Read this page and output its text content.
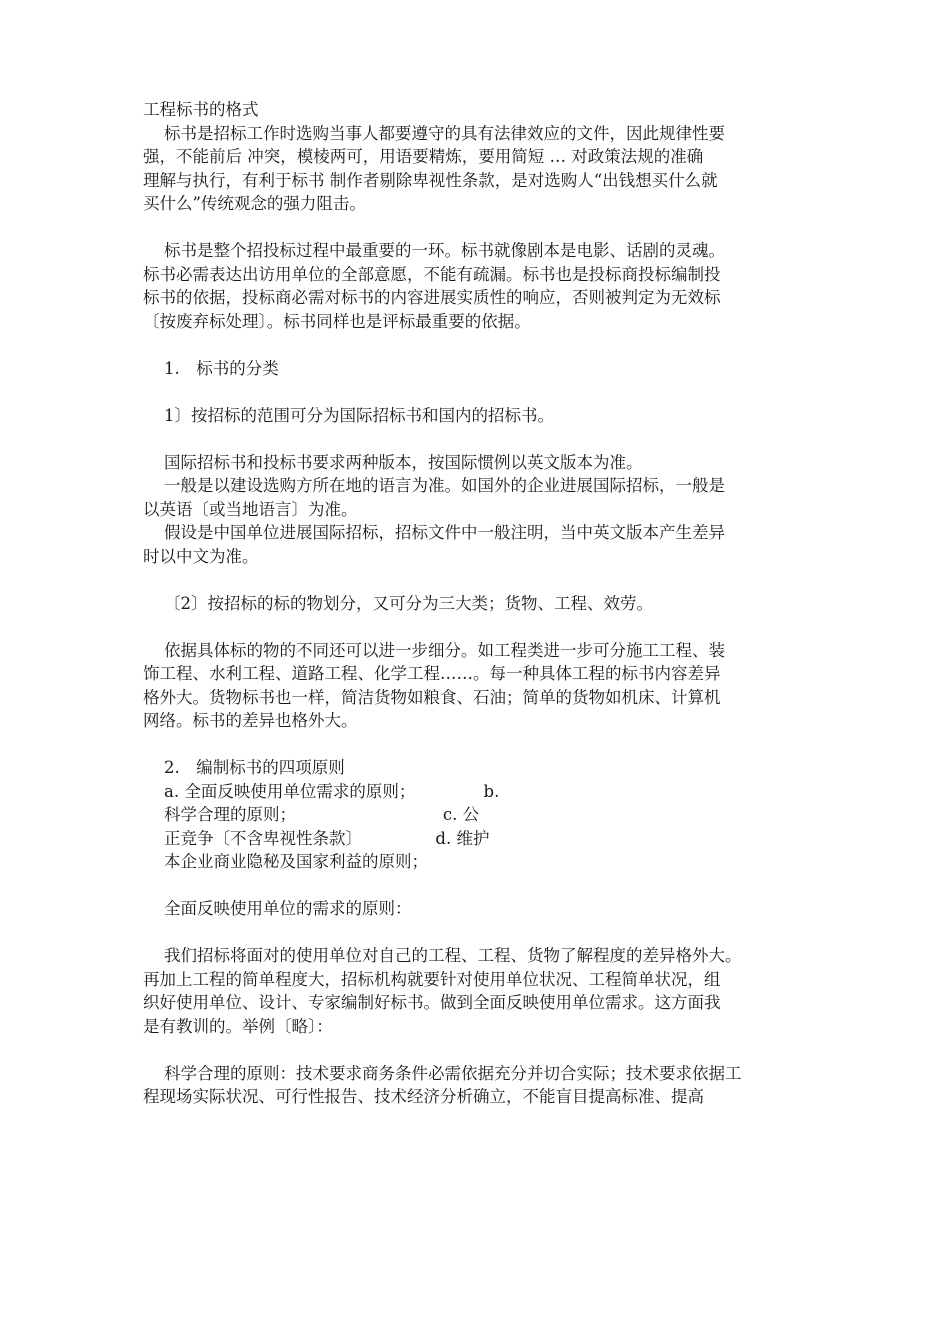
工程标书的格式
标书是招标工作时选购当事人都要遵守的具有法律效应的文件，因此规律性要
强，不能前后 冲突，模棱两可，用语要精炼，要用简短 … 对政策法规的准确
理解与执行，有利于标书 制作者剔除卑视性条款，是对选购人“出钱想买什么就
买什么”传统观念的强力阻击。
标书是整个招投标过程中最重要的一环。标书就像剧本是电影、话剧的灵魂。
标书必需表达出访用单位的全部意愿，不能有疏漏。标书也是投标商投标编制投
标书的依据，投标商必需对标书的内容进展实质性的响应，否则被判定为无效标
〔按废弃标处理〕。标书同样也是评标最重要的依据。
1.　标书的分类
1〕按招标的范围可分为国际招标书和国内的招标书。
国际招标书和投标书要求两种版本，按国际惯例以英文版本为准。
一般是以建设选购方所在地的语言为准。如国外的企业进展国际招标，一般是
以英语〔或当地语言〕为准。
假设是中国单位进展国际招标，招标文件中一般注明，当中英文版本产生差异
时以中文为准。
〔2〕按招标的标的物划分，又可分为三大类；货物、工程、效劳。
依据具体标的物的不同还可以进一步细分。如工程类进一步可分施工工程、装
饰工程、水利工程、道路工程、化学工程……。每一种具体工程的标书内容差异
格外大。货物标书也一样，简洁货物如粮食、石油；简单的货物如机床、计算机
网络。标书的差异也格外大。
2.　编制标书的四项原则
a. 全面反映使用单位需求的原则；             b.
科学合理的原则；                            c. 公
正竞争〔不含卑视性条款〕              d. 维护
本企业商业隐秘及国家利益的原则；
全面反映使用单位的需求的原则：
我们招标将面对的使用单位对自己的工程、工程、货物了解程度的差异格外大。
再加上工程的简单程度大，招标机构就要针对使用单位状况、工程简单状况，组
织好使用单位、设计、专家编制好标书。做到全面反映使用单位需求。这方面我
是有教训的。举例〔略〕：
科学合理的原则：技术要求商务条件必需依据充分并切合实际；技术要求依据工
程现场实际状况、可行性报告、技术经济分析确立，不能盲目提高标准、提高
